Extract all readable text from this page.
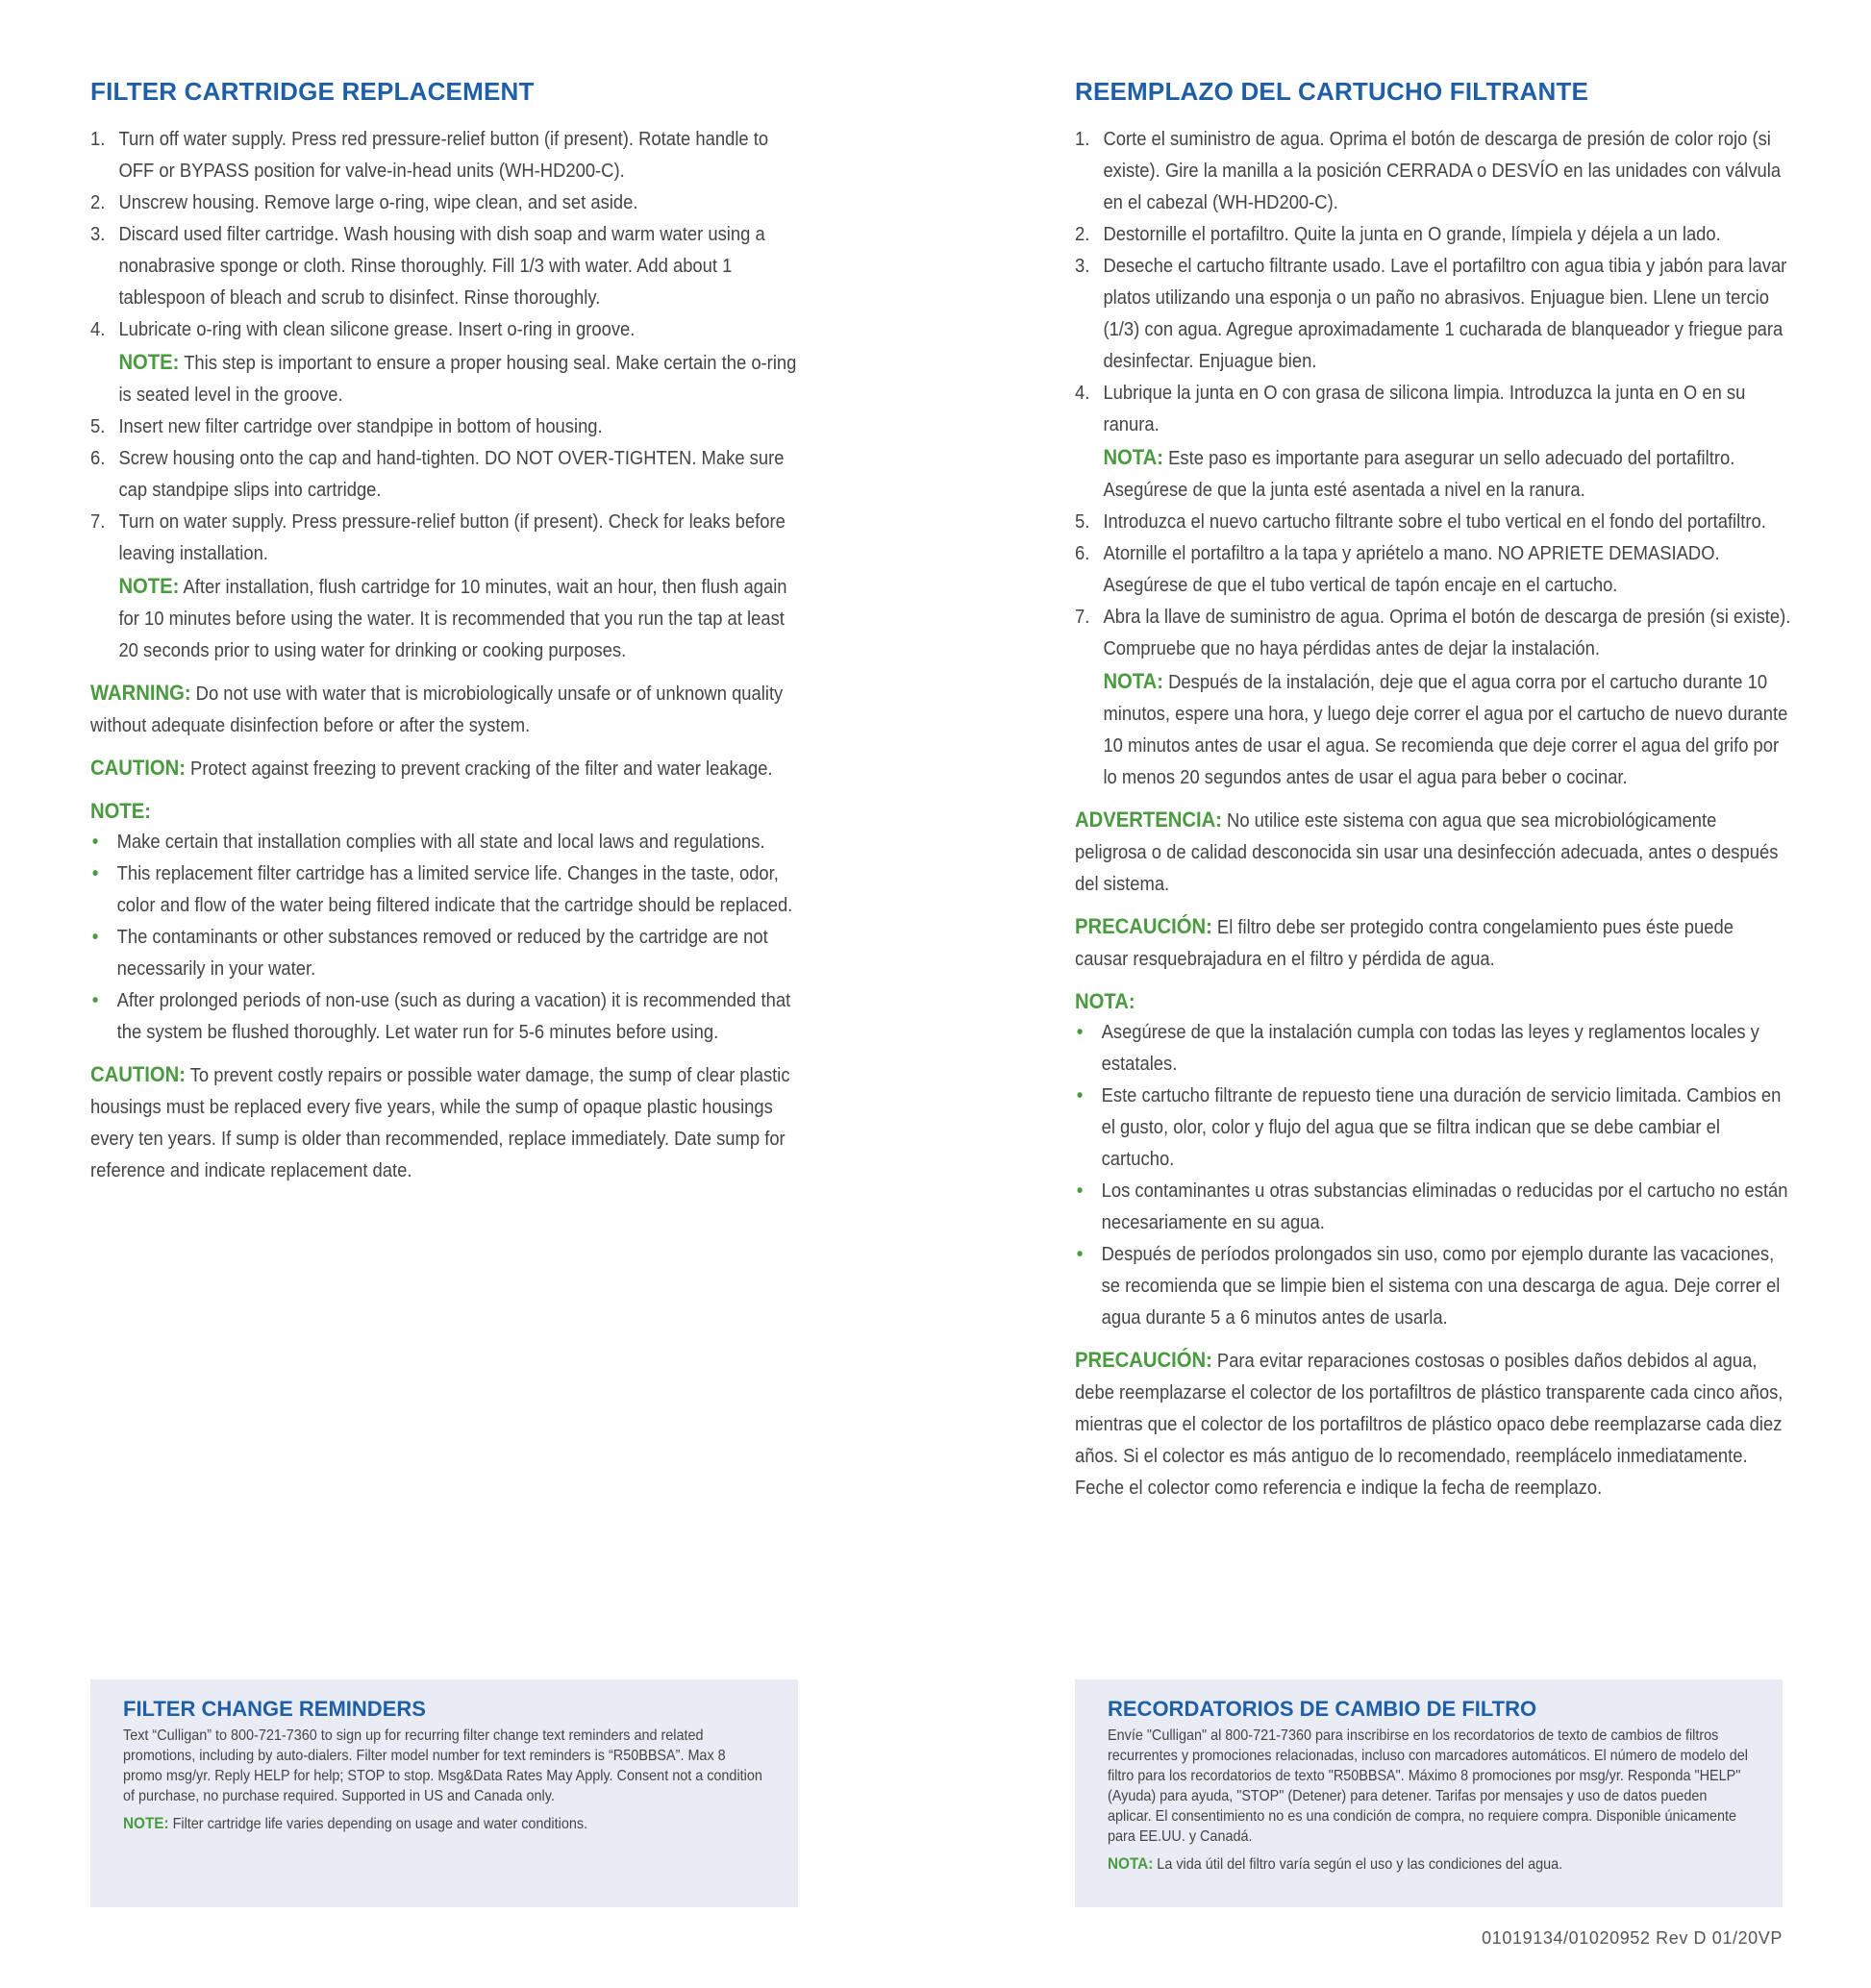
FILTER CARTRIDGE REPLACEMENT
1. Turn off water supply. Press red pressure-relief button (if present). Rotate handle to OFF or BYPASS position for valve-in-head units (WH-HD200-C).
2. Unscrew housing. Remove large o-ring, wipe clean, and set aside.
3. Discard used filter cartridge. Wash housing with dish soap and warm water using a nonabrasive sponge or cloth. Rinse thoroughly. Fill 1/3 with water. Add about 1 tablespoon of bleach and scrub to disinfect. Rinse thoroughly.
4. Lubricate o-ring with clean silicone grease. Insert o-ring in groove.
NOTE: This step is important to ensure a proper housing seal. Make certain the o-ring is seated level in the groove.
5. Insert new filter cartridge over standpipe in bottom of housing.
6. Screw housing onto the cap and hand-tighten. DO NOT OVER-TIGHTEN. Make sure cap standpipe slips into cartridge.
7. Turn on water supply. Press pressure-relief button (if present). Check for leaks before leaving installation.
NOTE: After installation, flush cartridge for 10 minutes, wait an hour, then flush again for 10 minutes before using the water. It is recommended that you run the tap at least 20 seconds prior to using water for drinking or cooking purposes.

WARNING: Do not use with water that is microbiologically unsafe or of unknown quality without adequate disinfection before or after the system.

CAUTION: Protect against freezing to prevent cracking of the filter and water leakage.

NOTE:

• Make certain that installation complies with all state and local laws and regulations.
• This replacement filter cartridge has a limited service life. Changes in the taste, odor, color and flow of the water being filtered indicate that the cartridge should be replaced.
• The contaminants or other substances removed or reduced by the cartridge are not necessarily in your water.
• After prolonged periods of non-use (such as during a vacation) it is recommended that the system be flushed thoroughly. Let water run for 5-6 minutes before using.

CAUTION: To prevent costly repairs or possible water damage, the sump of clear plastic housings must be replaced every five years, while the sump of opaque plastic housings every ten years. If sump is older than recommended, replace immediately. Date sump for reference and indicate replacement date.

REEMPLAZO DEL CARTUCHO FILTRANTE
1. Corte el suministro de agua. Oprima el botón de descarga de presión de color rojo (si existe). Gire la manilla a la posición CERRADA o DESVÍO en las unidades con válvula en el cabezal (WH-HD200-C).
2. Destornille el portafiltro. Quite la junta en O grande, límpiela y déjela a un lado.
3. Deseche el cartucho filtrante usado. Lave el portafiltro con agua tibia y jabón para lavar platos utilizando una esponja o un paño no abrasivos. Enjuague bien. Llene un tercio (1/3) con agua. Agregue aproximadamente 1 cucharada de blanqueador y friegue para desinfectar. Enjuague bien.
4. Lubrique la junta en O con grasa de silicona limpia. Introduzca la junta en O en su ranura.
NOTA: Este paso es importante para asegurar un sello adecuado del portafiltro. Asegúrese de que la junta esté asentada a nivel en la ranura.
5. Introduzca el nuevo cartucho filtrante sobre el tubo vertical en el fondo del portafiltro.
6. Atornille el portafiltro a la tapa y apriételo a mano. NO APRIETE DEMASIADO. Asegúrese de que el tubo vertical de tapón encaje en el cartucho.
7. Abra la llave de suministro de agua. Oprima el botón de descarga de presión (si existe). Compruebe que no haya pérdidas antes de dejar la instalación.
NOTA: Después de la instalación, deje que el agua corra por el cartucho durante 10 minutos, espere una hora, y luego deje correr el agua por el cartucho de nuevo durante 10 minutos antes de usar el agua. Se recomienda que deje correr el agua del grifo por lo menos 20 segundos antes de usar el agua para beber o cocinar.

ADVERTENCIA: No utilice este sistema con agua que sea microbiológicamente peligrosa o de calidad desconocida sin usar una desinfección adecuada, antes o después del sistema.

PRECAUCIÓN: El filtro debe ser protegido contra congelamiento pues éste puede causar resquebrajadura en el filtro y pérdida de agua.

NOTA:

• Asegúrese de que la instalación cumpla con todas las leyes y reglamentos locales y estatales.
• Este cartucho filtrante de repuesto tiene una duración de servicio limitada. Cambios en el gusto, olor, color y flujo del agua que se filtra indican que se debe cambiar el cartucho.
• Los contaminantes u otras substancias eliminadas o reducidas por el cartucho no están necesariamente en su agua.
• Después de períodos prolongados sin uso, como por ejemplo durante las vacaciones, se recomienda que se limpie bien el sistema con una descarga de agua. Deje correr el agua durante 5 a 6 minutos antes de usarla.

PRECAUCIÓN: Para evitar reparaciones costosas o posibles daños debidos al agua, debe reemplazarse el colector de los portafiltros de plástico transparente cada cinco años, mientras que el colector de los portafiltros de plástico opaco debe reemplazarse cada diez años. Si el colector es más antiguo de lo recomendado, reemplácelo inmediatamente. Feche el colector como referencia e indique la fecha de reemplazo.

FILTER CHANGE REMINDERS

Text “Culligan” to 800-721-7360 to sign up for recurring filter change text reminders and related promotions, including by auto-dialers. Filter model number for text reminders is “R50BBSA”. Max 8 promo msg/yr. Reply HELP for help; STOP to stop. Msg&Data Rates May Apply. Consent not a condition of purchase, no purchase required. Supported in US and Canada only.

NOTE: Filter cartridge life varies depending on usage and water conditions.

RECORDATORIOS DE CAMBIO DE FILTRO

Envíe "Culligan" al 800-721-7360 para inscribirse en los recordatorios de texto de cambios de filtros recurrentes y promociones relacionadas, incluso con marcadores automáticos. El número de modelo del filtro para los recordatorios de texto "R50BBSA". Máximo 8 promociones por msg/yr. Responda "HELP" (Ayuda) para ayuda, "STOP" (Detener) para detener. Tarifas por mensajes y uso de datos pueden aplicar. El consentimiento no es una condición de compra, no requiere compra. Disponible únicamente para EE.UU. y Canadá.

NOTA: La vida útil del filtro varía según el uso y las condiciones del agua.

01019134/01020952 Rev D 01/20VP
